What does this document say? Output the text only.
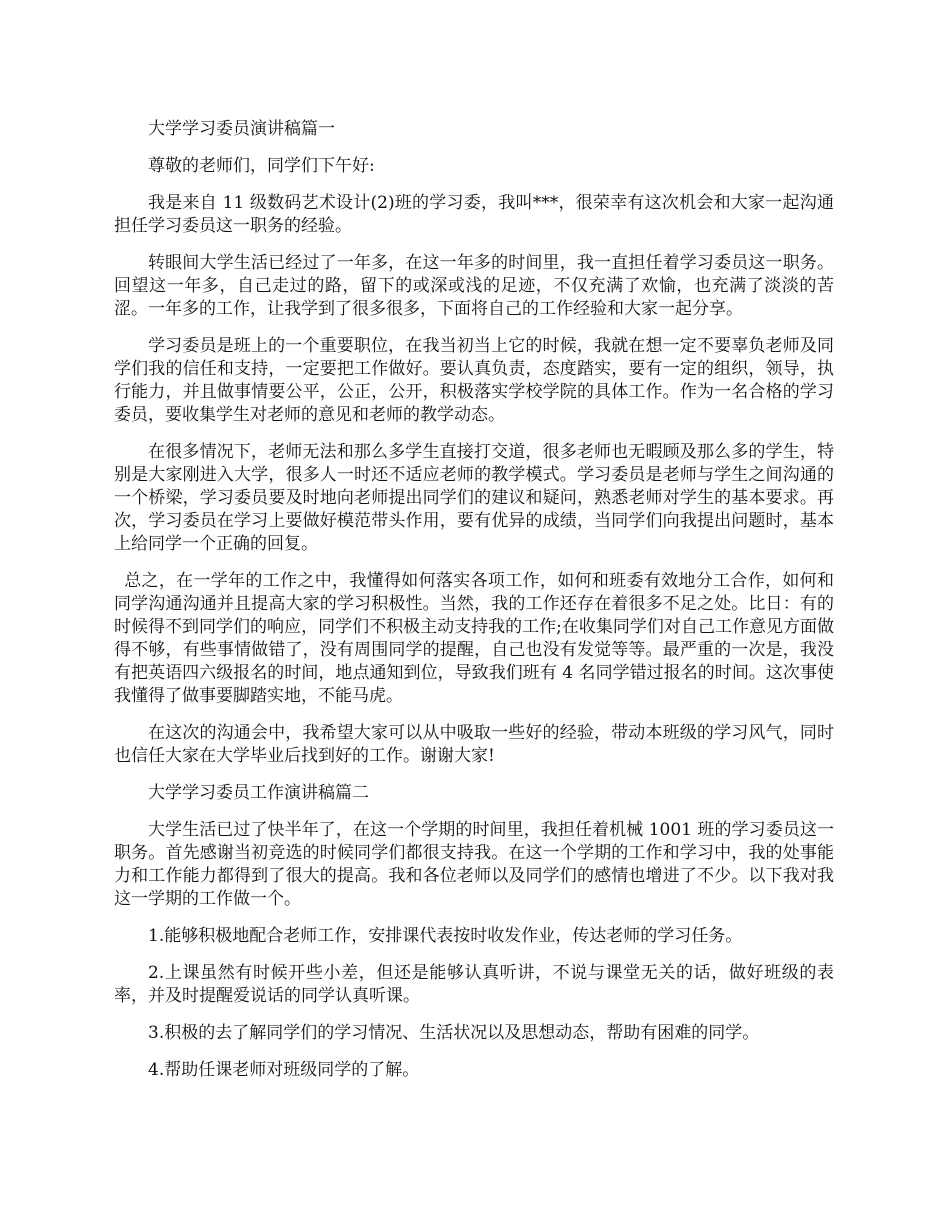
大学学习委员演讲稿篇一

尊敬的老师们，同学们下午好:

我是来自 11 级数码艺术设计(2)班的学习委，我叫***，很荣幸有这次机会和大家一起沟通担任学习委员这一职务的经验。

转眼间大学生活已经过了一年多，在这一年多的时间里，我一直担任着学习委员这一职务。回望这一年多，自己走过的路，留下的或深或浅的足迹，不仅充满了欢愉，也充满了淡淡的苦涩。一年多的工作，让我学到了很多很多，下面将自己的工作经验和大家一起分享。

学习委员是班上的一个重要职位，在我当初当上它的时候，我就在想一定不要辜负老师及同学们我的信任和支持，一定要把工作做好。要认真负责，态度踏实，要有一定的组织，领导，执行能力，并且做事情要公平，公正，公开，积极落实学校学院的具体工作。作为一名合格的学习委员，要收集学生对老师的意见和老师的教学动态。

在很多情况下，老师无法和那么多学生直接打交道，很多老师也无暇顾及那么多的学生，特别是大家刚进入大学，很多人一时还不适应老师的教学模式。学习委员是老师与学生之间沟通的一个桥梁，学习委员要及时地向老师提出同学们的建议和疑问，熟悉老师对学生的基本要求。再次，学习委员在学习上要做好模范带头作用，要有优异的成绩，当同学们向我提出问题时，基本上给同学一个正确的回复。

总之，在一学年的工作之中，我懂得如何落实各项工作，如何和班委有效地分工合作，如何和同学沟通沟通并且提高大家的学习积极性。当然，我的工作还存在着很多不足之处。比日：有的时候得不到同学们的响应，同学们不积极主动支持我的工作;在收集同学们对自己工作意见方面做得不够，有些事情做错了，没有周围同学的提醒，自己也没有发觉等等。最严重的一次是，我没有把英语四六级报名的时间，地点通知到位，导致我们班有 4 名同学错过报名的时间。这次事使我懂得了做事要脚踏实地，不能马虎。

在这次的沟通会中，我希望大家可以从中吸取一些好的经验，带动本班级的学习风气，同时也信任大家在大学毕业后找到好的工作。谢谢大家!

大学学习委员工作演讲稿篇二

大学生活已过了快半年了，在这一个学期的时间里，我担任着机械 1001 班的学习委员这一职务。首先感谢当初竞选的时候同学们都很支持我。在这一个学期的工作和学习中，我的处事能力和工作能力都得到了很大的提高。我和各位老师以及同学们的感情也增进了不少。以下我对我这一学期的工作做一个。

1.能够积极地配合老师工作，安排课代表按时收发作业，传达老师的学习任务。

2.上课虽然有时候开些小差，但还是能够认真听讲，不说与课堂无关的话，做好班级的表率，并及时提醒爱说话的同学认真听课。

3.积极的去了解同学们的学习情况、生活状况以及思想动态，帮助有困难的同学。

4.帮助任课老师对班级同学的了解。
